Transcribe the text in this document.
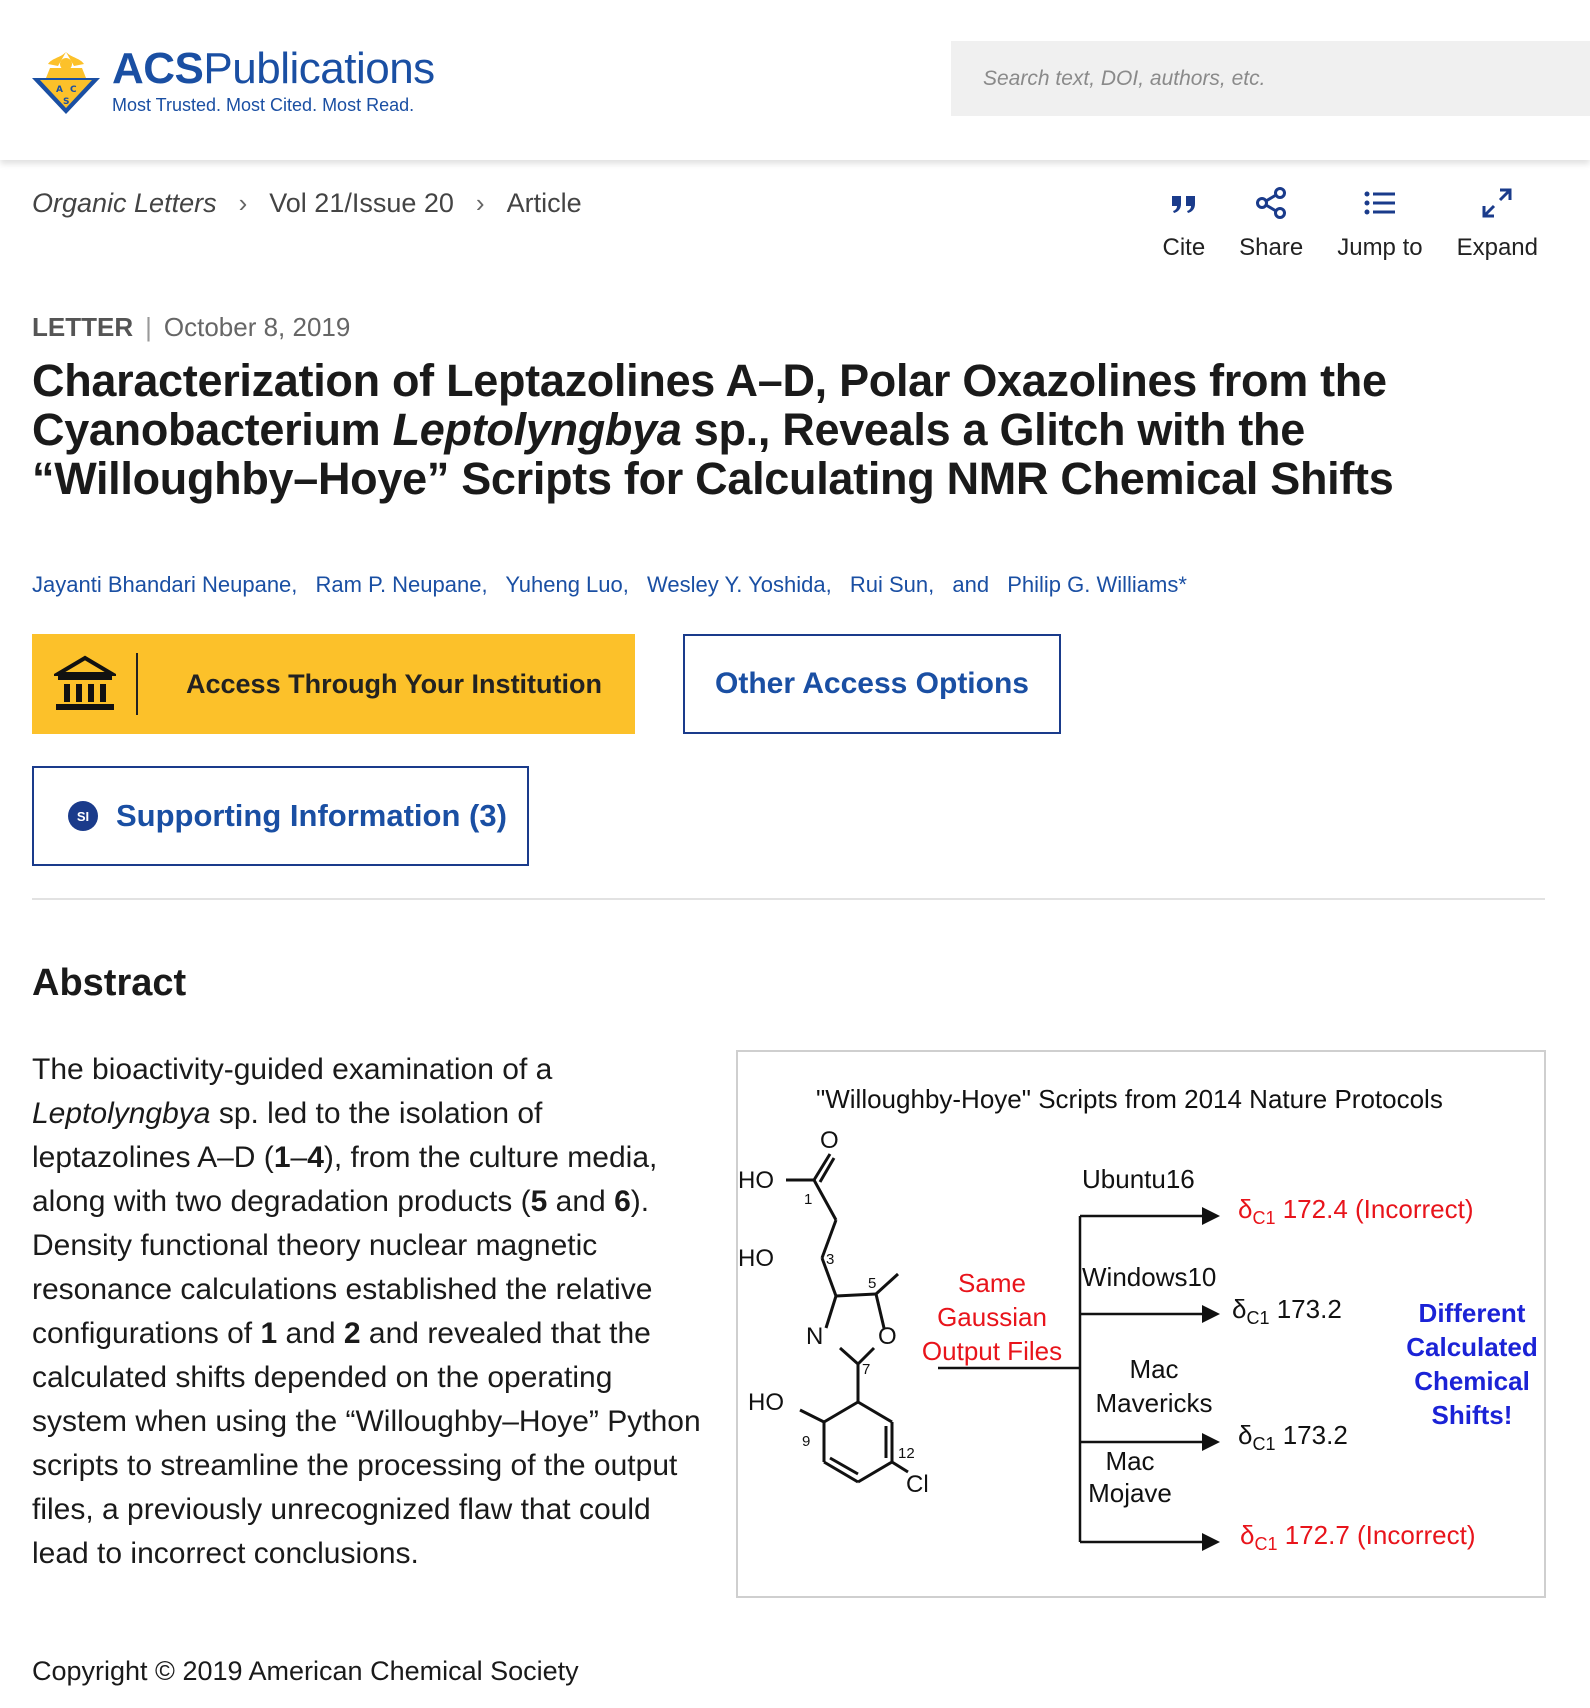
A C
S
ACSPublications
Most Trusted. Most Cited. Most Read.
Search text, DOI, authors, etc.
Organic Letters › Vol 21/Issue 20 › Article
Cite Share Jump to Expand
LETTER | October 8, 2019
Characterization of Leptazolines A–D, Polar Oxazolines from the Cyanobacterium Leptolyngbya sp., Reveals a Glitch with the “Willoughby–Hoye” Scripts for Calculating NMR Chemical Shifts
Jayanti Bhandari Neupane, Ram P. Neupane, Yuheng Luo, Wesley Y. Yoshida, Rui Sun, and Philip G. Williams*
Access Through Your Institution	Other Access Options
SI Supporting Information (3)
Abstract

The bioactivity-guided examination of a Leptolyngbya sp. led to the isolation of leptazolines A–D (1–4), from the culture media, along with two degradation products (5 and 6). Density functional theory nuclear magnetic resonance calculations established the relative configurations of 1 and 2 and revealed that the calculated shifts depended on the operating system when using the “Willoughby–Hoye” Python scripts to streamline the processing of the output files, a previously unrecognized flaw that could lead to incorrect conclusions.

"Willoughby-Hoye" Scripts from 2014 Nature Protocols
O
HO
HO
N O
HO
Cl
1
3
5
7
9
12
Same
Gaussian
Output Files
Ubuntu16
Windows10
Mac
Mavericks
Mac
Mojave
$\delta_{C1}$ 172.4 (Incorrect)
$\delta_{C1}$ 173.2
$\delta_{C1}$ 173.2
$\delta_{C1}$ 172.7 (Incorrect)
Different
Calculated
Chemical
Shifts!
Copyright © 2019 American Chemical Society
